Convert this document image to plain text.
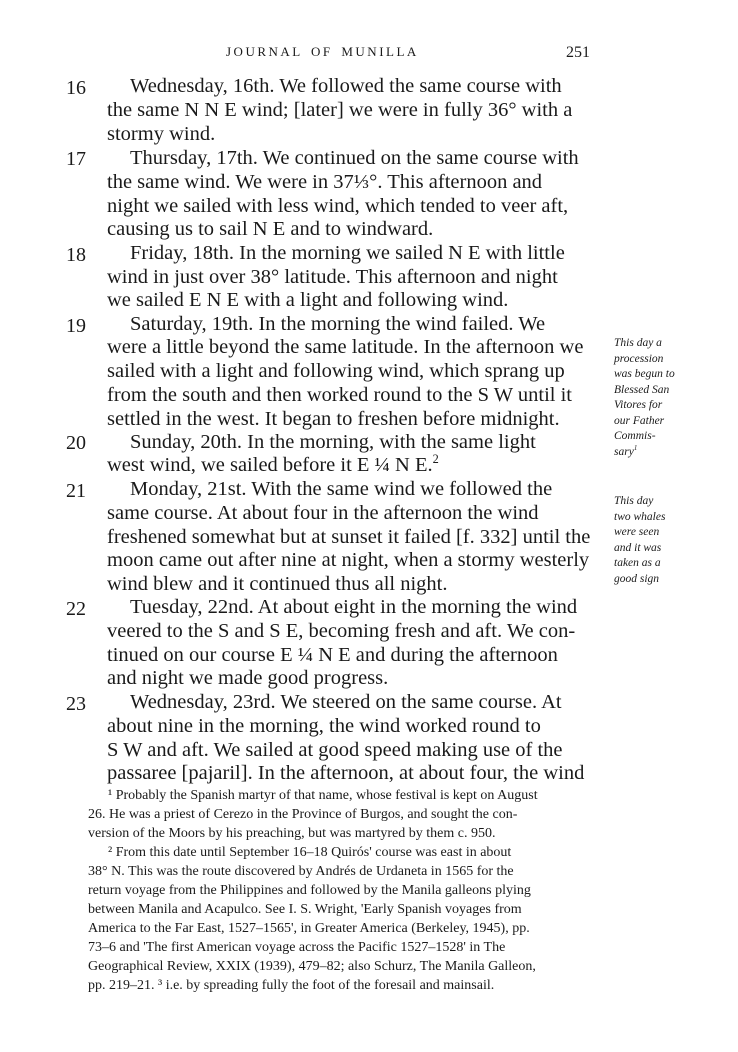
JOURNAL OF MUNILLA	251
16	Wednesday, 16th. We followed the same course with
the same N N E wind; [later] we were in fully 36° with a
stormy wind.
17	Thursday, 17th. We continued on the same course with
the same wind. We were in 37⅓°. This afternoon and
night we sailed with less wind, which tended to veer aft,
causing us to sail N E and to windward.
18	Friday, 18th. In the morning we sailed N E with little
wind in just over 38° latitude. This afternoon and night
we sailed E N E with a light and following wind.
19	Saturday, 19th. In the morning the wind failed. We
were a little beyond the same latitude. In the afternoon we
sailed with a light and following wind, which sprang up
from the south and then worked round to the S W until it
settled in the west. It began to freshen before midnight.
20	Sunday, 20th. In the morning, with the same light
west wind, we sailed before it E ¼ N E.$^2$
21	Monday, 21st. With the same wind we followed the
same course. At about four in the afternoon the wind
freshened somewhat but at sunset it failed [f. 332] until the
moon came out after nine at night, when a stormy westerly
wind blew and it continued thus all night.
22	Tuesday, 22nd. At about eight in the morning the wind
veered to the S and S E, becoming fresh and aft. We con-
tinued on our course E ¼ N E and during the afternoon
and night we made good progress.
23	Wednesday, 23rd. We steered on the same course. At
about nine in the morning, the wind worked round to
S W and aft. We sailed at good speed making use of the
passaree [pajaril]. In the afternoon, at about four, the wind
This day a
procession
was begun to
Blessed San
Vitores for
our Father
Commis-
sary$^1$
This day
two whales
were seen
and it was
taken as a
good sign
¹ Probably the Spanish martyr of that name, whose festival is kept on August
26. He was a priest of Cerezo in the Province of Burgos, and sought the con-
version of the Moors by his preaching, but was martyred by them c. 950.
² From this date until September 16–18 Quirós' course was east in about
38° N. This was the route discovered by Andrés de Urdaneta in 1565 for the
return voyage from the Philippines and followed by the Manila galleons plying
between Manila and Acapulco. See I. S. Wright, 'Early Spanish voyages from
America to the Far East, 1527–1565', in Greater America (Berkeley, 1945), pp.
73–6 and 'The first American voyage across the Pacific 1527–1528' in The
Geographical Review, XXIX (1939), 479–82; also Schurz, The Manila Galleon,
pp. 219–21. ³ i.e. by spreading fully the foot of the foresail and mainsail.
